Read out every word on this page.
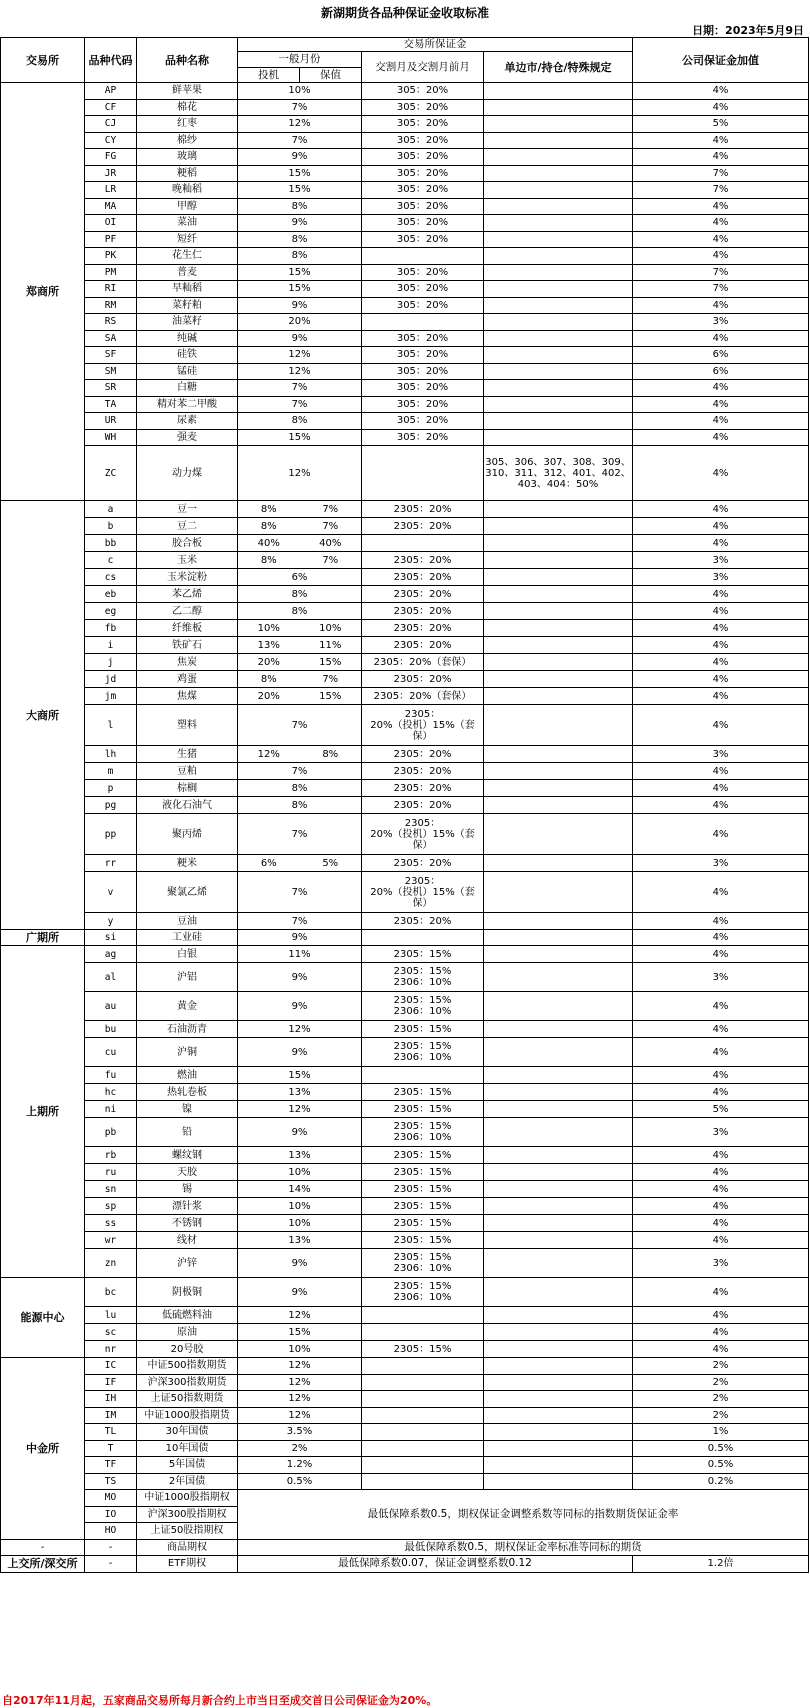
新湖期货各品种保证金收取标准
日期：2023年5月9日
交易所	品种代码	品种名称	交易所保证金				公司保证金加值
			一般月份		交割月及交割月前月	单边市/持仓/特殊规定	
			投机	保值			
郑商所	AP	鲜苹果	10%		305：20%		4%
	CF	棉花	7%		305：20%		4%
	CJ	红枣	12%		305：20%		5%
	CY	棉纱	7%		305：20%		4%
	FG	玻璃	9%		305：20%		4%
	JR	粳稻	15%		305：20%		7%
	LR	晚籼稻	15%		305：20%		7%
	MA	甲醇	8%		305：20%		4%
	OI	菜油	9%		305：20%		4%
	PF	短纤	8%		305：20%		4%
	PK	花生仁	8%				4%
	PM	普麦	15%		305：20%		7%
	RI	早籼稻	15%		305：20%		7%
	RM	菜籽粕	9%		305：20%		4%
	RS	油菜籽	20%				3%
	SA	纯碱	9%		305：20%		4%
	SF	硅铁	12%		305：20%		6%
	SM	锰硅	12%		305：20%		6%
	SR	白糖	7%		305：20%		4%
	TA	精对苯二甲酸	7%		305：20%		4%
	UR	尿素	8%		305：20%		4%
	WH	强麦	15%		305：20%		4%
	ZC	动力煤	12%			305、306、307、308、309、310、311、312、401、402、403、404：50%	4%
大商所	a	豆一	8%	7%	2305：20%		4%
	b	豆二	8%	7%	2305：20%		4%
	bb	胶合板	40%	40%			4%
	c	玉米	8%	7%	2305：20%		3%
	cs	玉米淀粉	6%		2305：20%		3%
	eb	苯乙烯	8%		2305：20%		4%
	eg	乙二醇	8%		2305：20%		4%
	fb	纤维板	10%	10%	2305：20%		4%
	i	铁矿石	13%	11%	2305：20%		4%
	j	焦炭	20%	15%	2305：20%（套保）		4%
	jd	鸡蛋	8%	7%	2305：20%		4%
	jm	焦煤	20%	15%	2305：20%（套保）		4%
	l	塑料	7%		2305：
20%（投机）15%（套保）		4%
	lh	生猪	12%	8%	2305：20%		3%
	m	豆粕	7%		2305：20%		4%
	p	棕榈	8%		2305：20%		4%
	pg	液化石油气	8%		2305：20%		4%
	pp	聚丙烯	7%		2305：
20%（投机）15%（套保）		4%
	rr	粳米	6%	5%	2305：20%		3%
	v	聚氯乙烯	7%		2305：
20%（投机）15%（套保）		4%
	y	豆油	7%		2305：20%		4%
广期所	si	工业硅	9%				4%
上期所	ag	白银	11%		2305：15%		4%
	al	沪铝	9%		2305：15%
2306：10%		3%
	au	黄金	9%		2305：15%
2306：10%		4%
	bu	石油沥青	12%		2305：15%		4%
	cu	沪铜	9%		2305：15%
2306：10%		4%
	fu	燃油	15%				4%
	hc	热轧卷板	13%		2305：15%		4%
	ni	镍	12%		2305：15%		5%
	pb	铅	9%		2305：15%
2306：10%		3%
	rb	螺纹钢	13%		2305：15%		4%
	ru	天胶	10%		2305：15%		4%
	sn	锡	14%		2305：15%		4%
	sp	漂针浆	10%		2305：15%		4%
	ss	不锈钢	10%		2305：15%		4%
	wr	线材	13%		2305：15%		4%
	zn	沪锌	9%		2305：15%
2306：10%		3%
能源中心	bc	阴极铜	9%		2305：15%
2306：10%		4%
	lu	低硫燃料油	12%				4%
	sc	原油	15%				4%
	nr	20号胶	10%		2305：15%		4%
中金所	IC	中证500指数期货	12%				2%
	IF	沪深300指数期货	12%				2%
	IH	上证50指数期货	12%				2%
	IM	中证1000股指期货	12%				2%
	TL	30年国债	3.5%				1%
	T	10年国债	2%				0.5%
	TF	5年国债	1.2%				0.5%
	TS	2年国债	0.5%				0.2%
	MO	中证1000股指期权	最低保障系数0.5，期权保证金调整系数等同标的指数期货保证金率				
	IO	沪深300股指期权					
	HO	上证50股指期权					
-	-	商品期权	最低保障系数0.5，期权保证金率标准等同标的期货				
上交所/深交所	-	ETF期权	最低保障系数0.07，保证金调整系数0.12				1.2倍
自2017年11月起，五家商品交易所每月新合约上市当日至成交首日公司保证金为20%。
